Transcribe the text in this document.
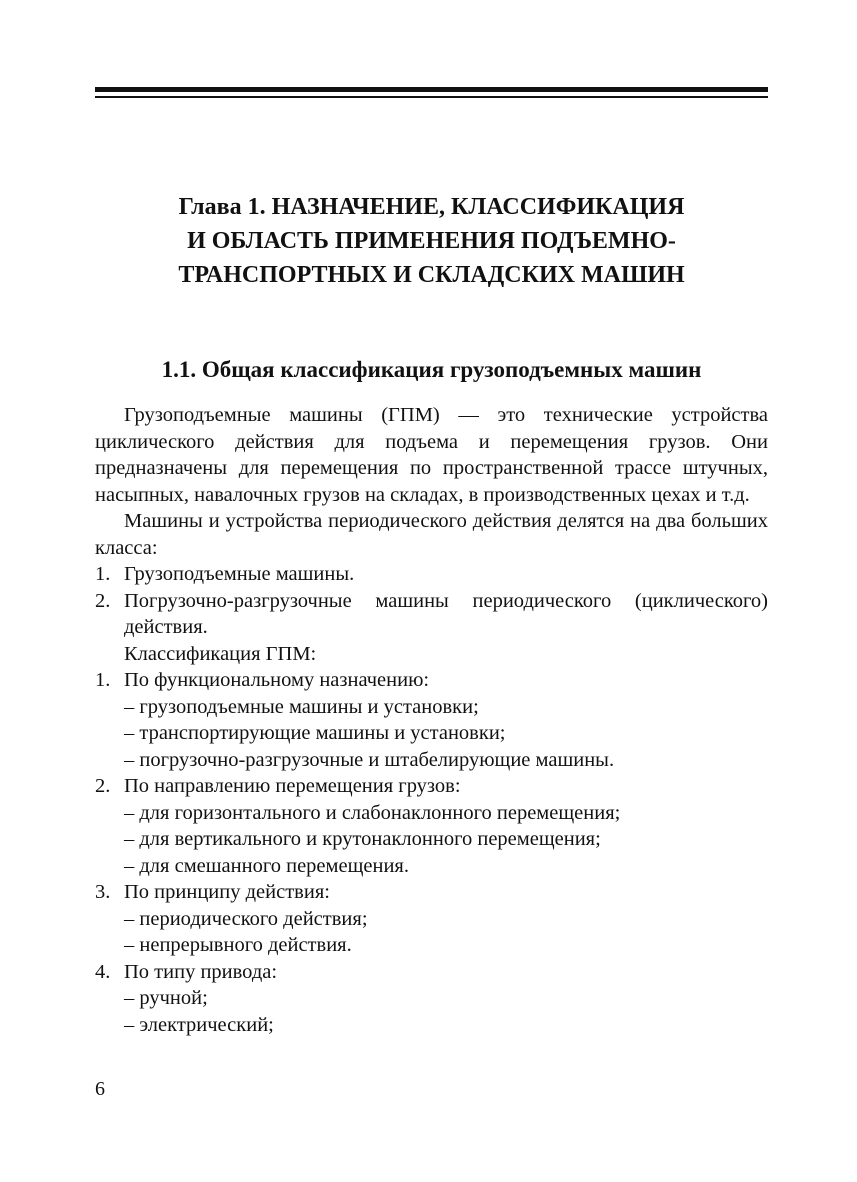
Глава 1. НАЗНАЧЕНИЕ, КЛАССИФИКАЦИЯ
И ОБЛАСТЬ ПРИМЕНЕНИЯ ПОДЪЕМНО-
ТРАНСПОРТНЫХ И СКЛАДСКИХ МАШИН
1.1. Общая классификация грузоподъемных машин

Грузоподъемные машины (ГПМ) — это технические устройства циклического действия для подъема и перемещения грузов. Они предназначены для перемещения по пространственной трассе штучных, насыпных, навалочных грузов на складах, в производственных цехах и т.д.

Машины и устройства периодического действия делятся на два больших класса:

1. Грузоподъемные машины.
2. Погрузочно-разгрузочные машины периодического (циклического) действия.
Классификация ГПМ:
1. По функциональному назначению:
– грузоподъемные машины и установки;
– транспортирующие машины и установки;
– погрузочно-разгрузочные и штабелирующие машины.
2. По направлению перемещения грузов:
– для горизонтального и слабонаклонного перемещения;
– для вертикального и крутонаклонного перемещения;
– для смешанного перемещения.
3. По принципу действия:
– периодического действия;
– непрерывного действия.
4. По типу привода:
– ручной;
– электрический;
6
